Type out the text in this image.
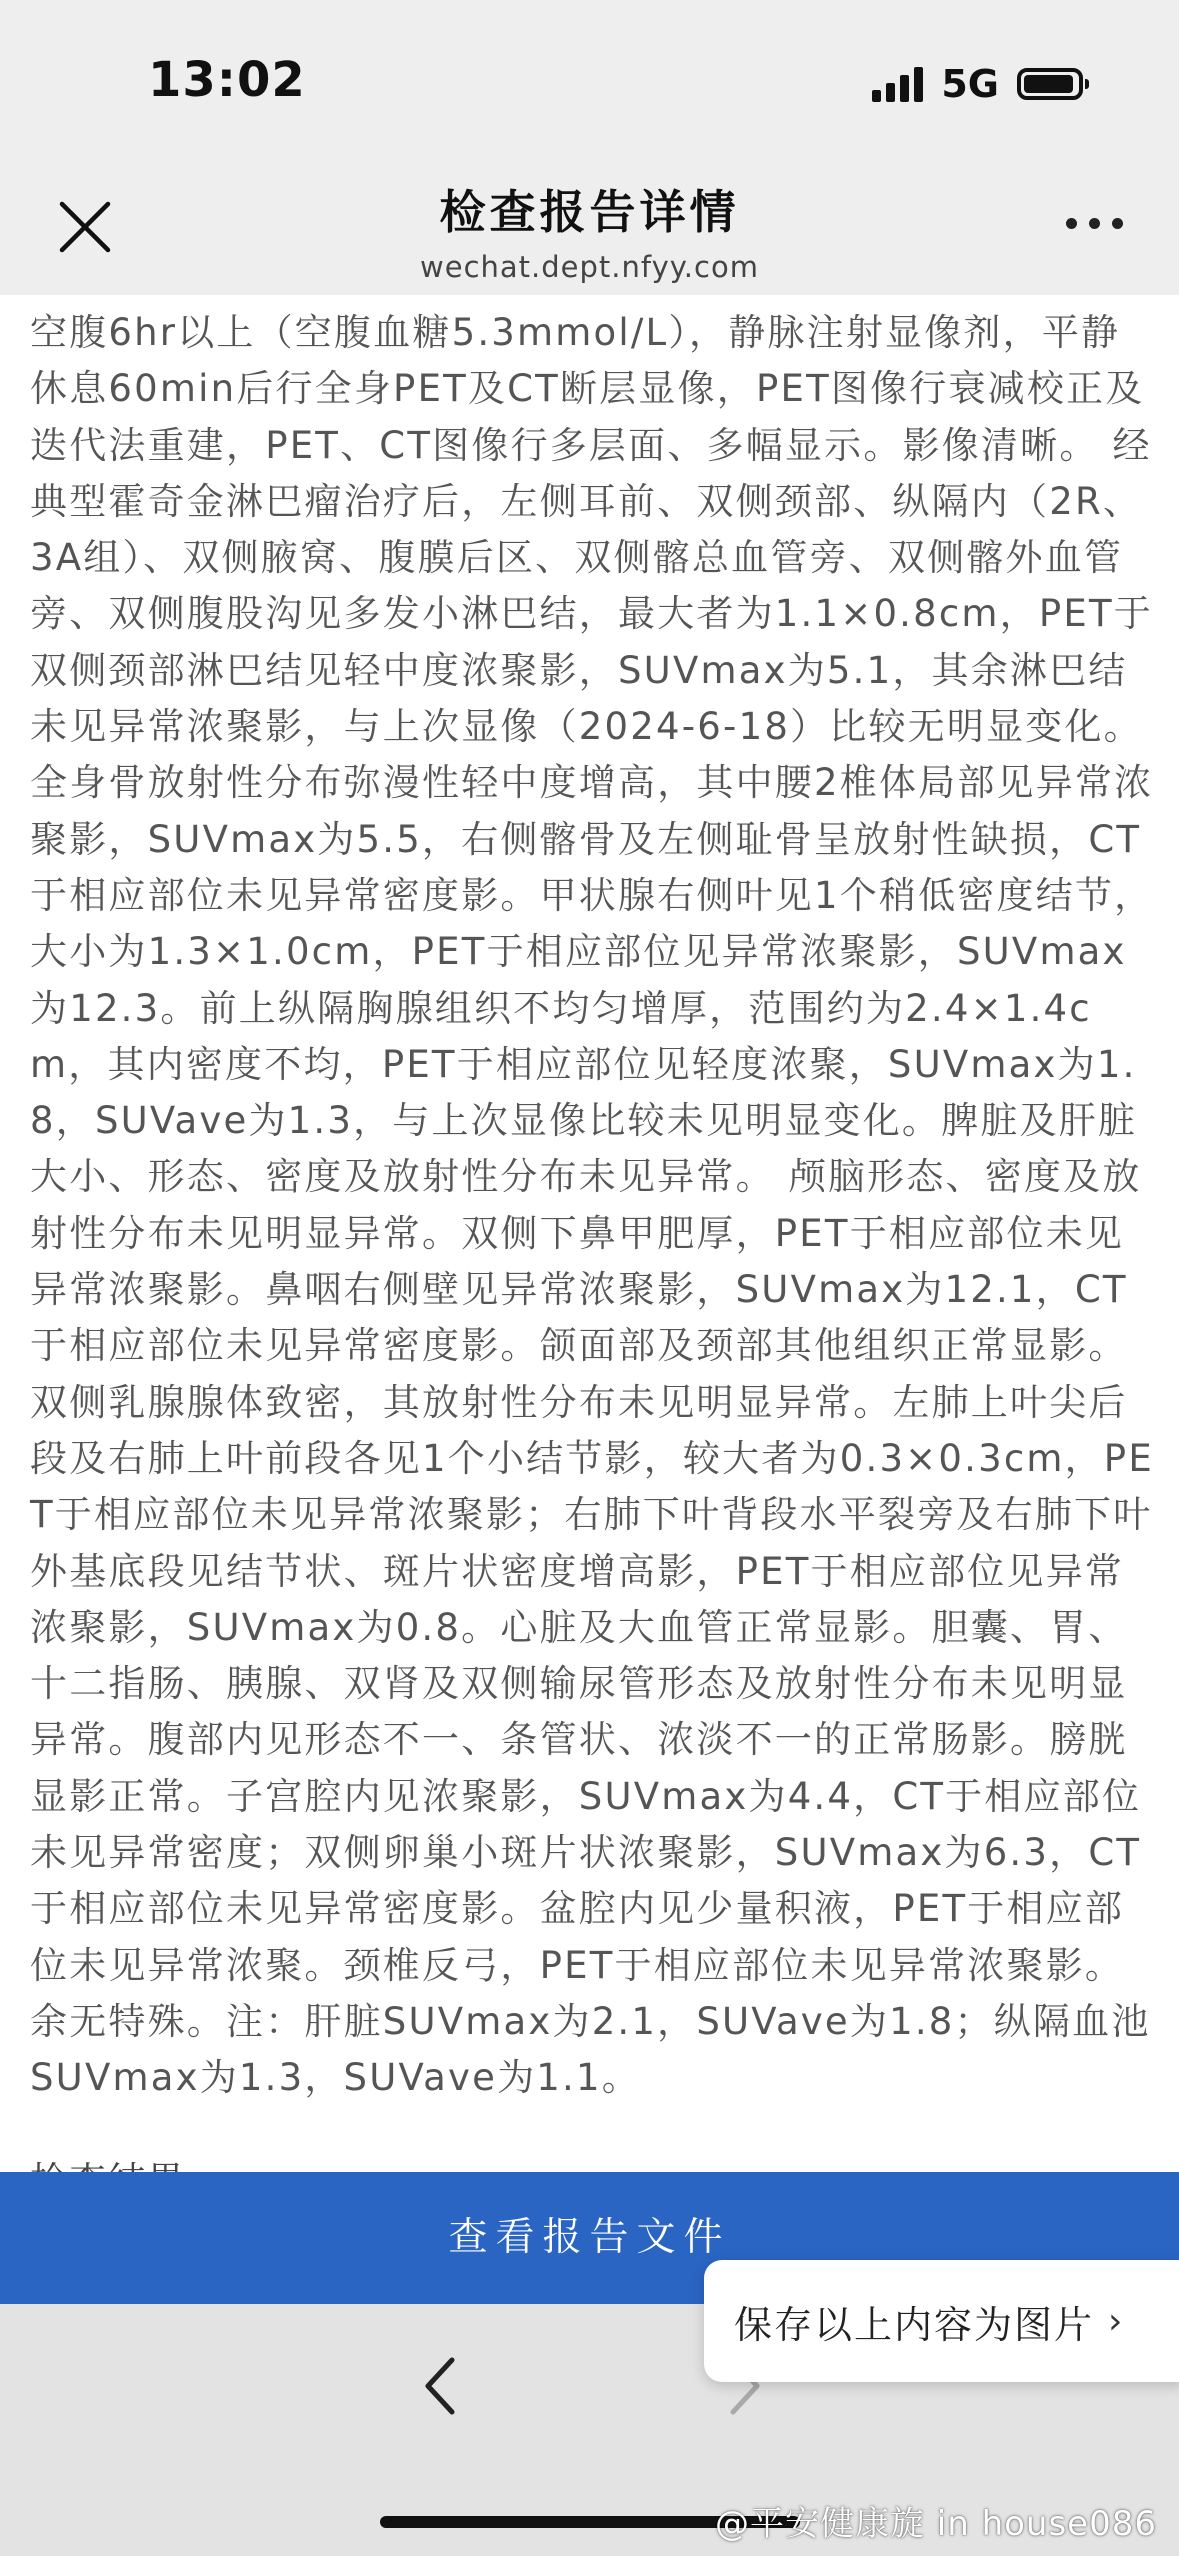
13:02	5G
检查报告详情
wechat.dept.nfyy.com
空腹6hr以上（空腹血糖5.3mmol/L），静脉注射显像剂，平静休息60min后行全身PET及CT断层显像，PET图像行衰减校正及迭代法重建，PET、CT图像行多层面、多幅显示。影像清晰。 经典型霍奇金淋巴瘤治疗后，左侧耳前、双侧颈部、纵隔内（2R、3A组）、双侧腋窝、腹膜后区、双侧髂总血管旁、双侧髂外血管旁、双侧腹股沟见多发小淋巴结，最大者为1.1×0.8cm，PET于双侧颈部淋巴结见轻中度浓聚影，SUVmax为5.1，其余淋巴结未见异常浓聚影，与上次显像（2024-6-18）比较无明显变化。全身骨放射性分布弥漫性轻中度增高，其中腰2椎体局部见异常浓聚影，SUVmax为5.5，右侧髂骨及左侧耻骨呈放射性缺损，CT于相应部位未见异常密度影。甲状腺右侧叶见1个稍低密度结节，大小为1.3×1.0cm，PET于相应部位见异常浓聚影，SUVmax为12.3。前上纵隔胸腺组织不均匀增厚，范围约为2.4×1.4cm，其内密度不均，PET于相应部位见轻度浓聚，SUVmax为1.8，SUVave为1.3，与上次显像比较未见明显变化。脾脏及肝脏大小、形态、密度及放射性分布未见异常。 颅脑形态、密度及放射性分布未见明显异常。双侧下鼻甲肥厚，PET于相应部位未见异常浓聚影。鼻咽右侧壁见异常浓聚影，SUVmax为12.1，CT于相应部位未见异常密度影。颌面部及颈部其他组织正常显影。双侧乳腺腺体致密，其放射性分布未见明显异常。左肺上叶尖后段及右肺上叶前段各见1个小结节影，较大者为0.3×0.3cm，PET于相应部位未见异常浓聚影；右肺下叶背段水平裂旁及右肺下叶外基底段见结节状、斑片状密度增高影，PET于相应部位见异常浓聚影，SUVmax为0.8。心脏及大血管正常显影。胆囊、胃、十二指肠、胰腺、双肾及双侧输尿管形态及放射性分布未见明显异常。腹部内见形态不一、条管状、浓淡不一的正常肠影。膀胱显影正常。子宫腔内见浓聚影，SUVmax为4.4，CT于相应部位未见异常密度；双侧卵巢小斑片状浓聚影，SUVmax为6.3，CT于相应部位未见异常密度影。盆腔内见少量积液，PET于相应部位未见异常浓聚。颈椎反弓，PET于相应部位未见异常浓聚影。余无特殊。注：肝脏SUVmax为2.1，SUVave为1.8；纵隔血池SUVmax为1.3，SUVave为1.1。
查看报告文件
保存以上内容为图片 ›
@平安健康旋 in house086
